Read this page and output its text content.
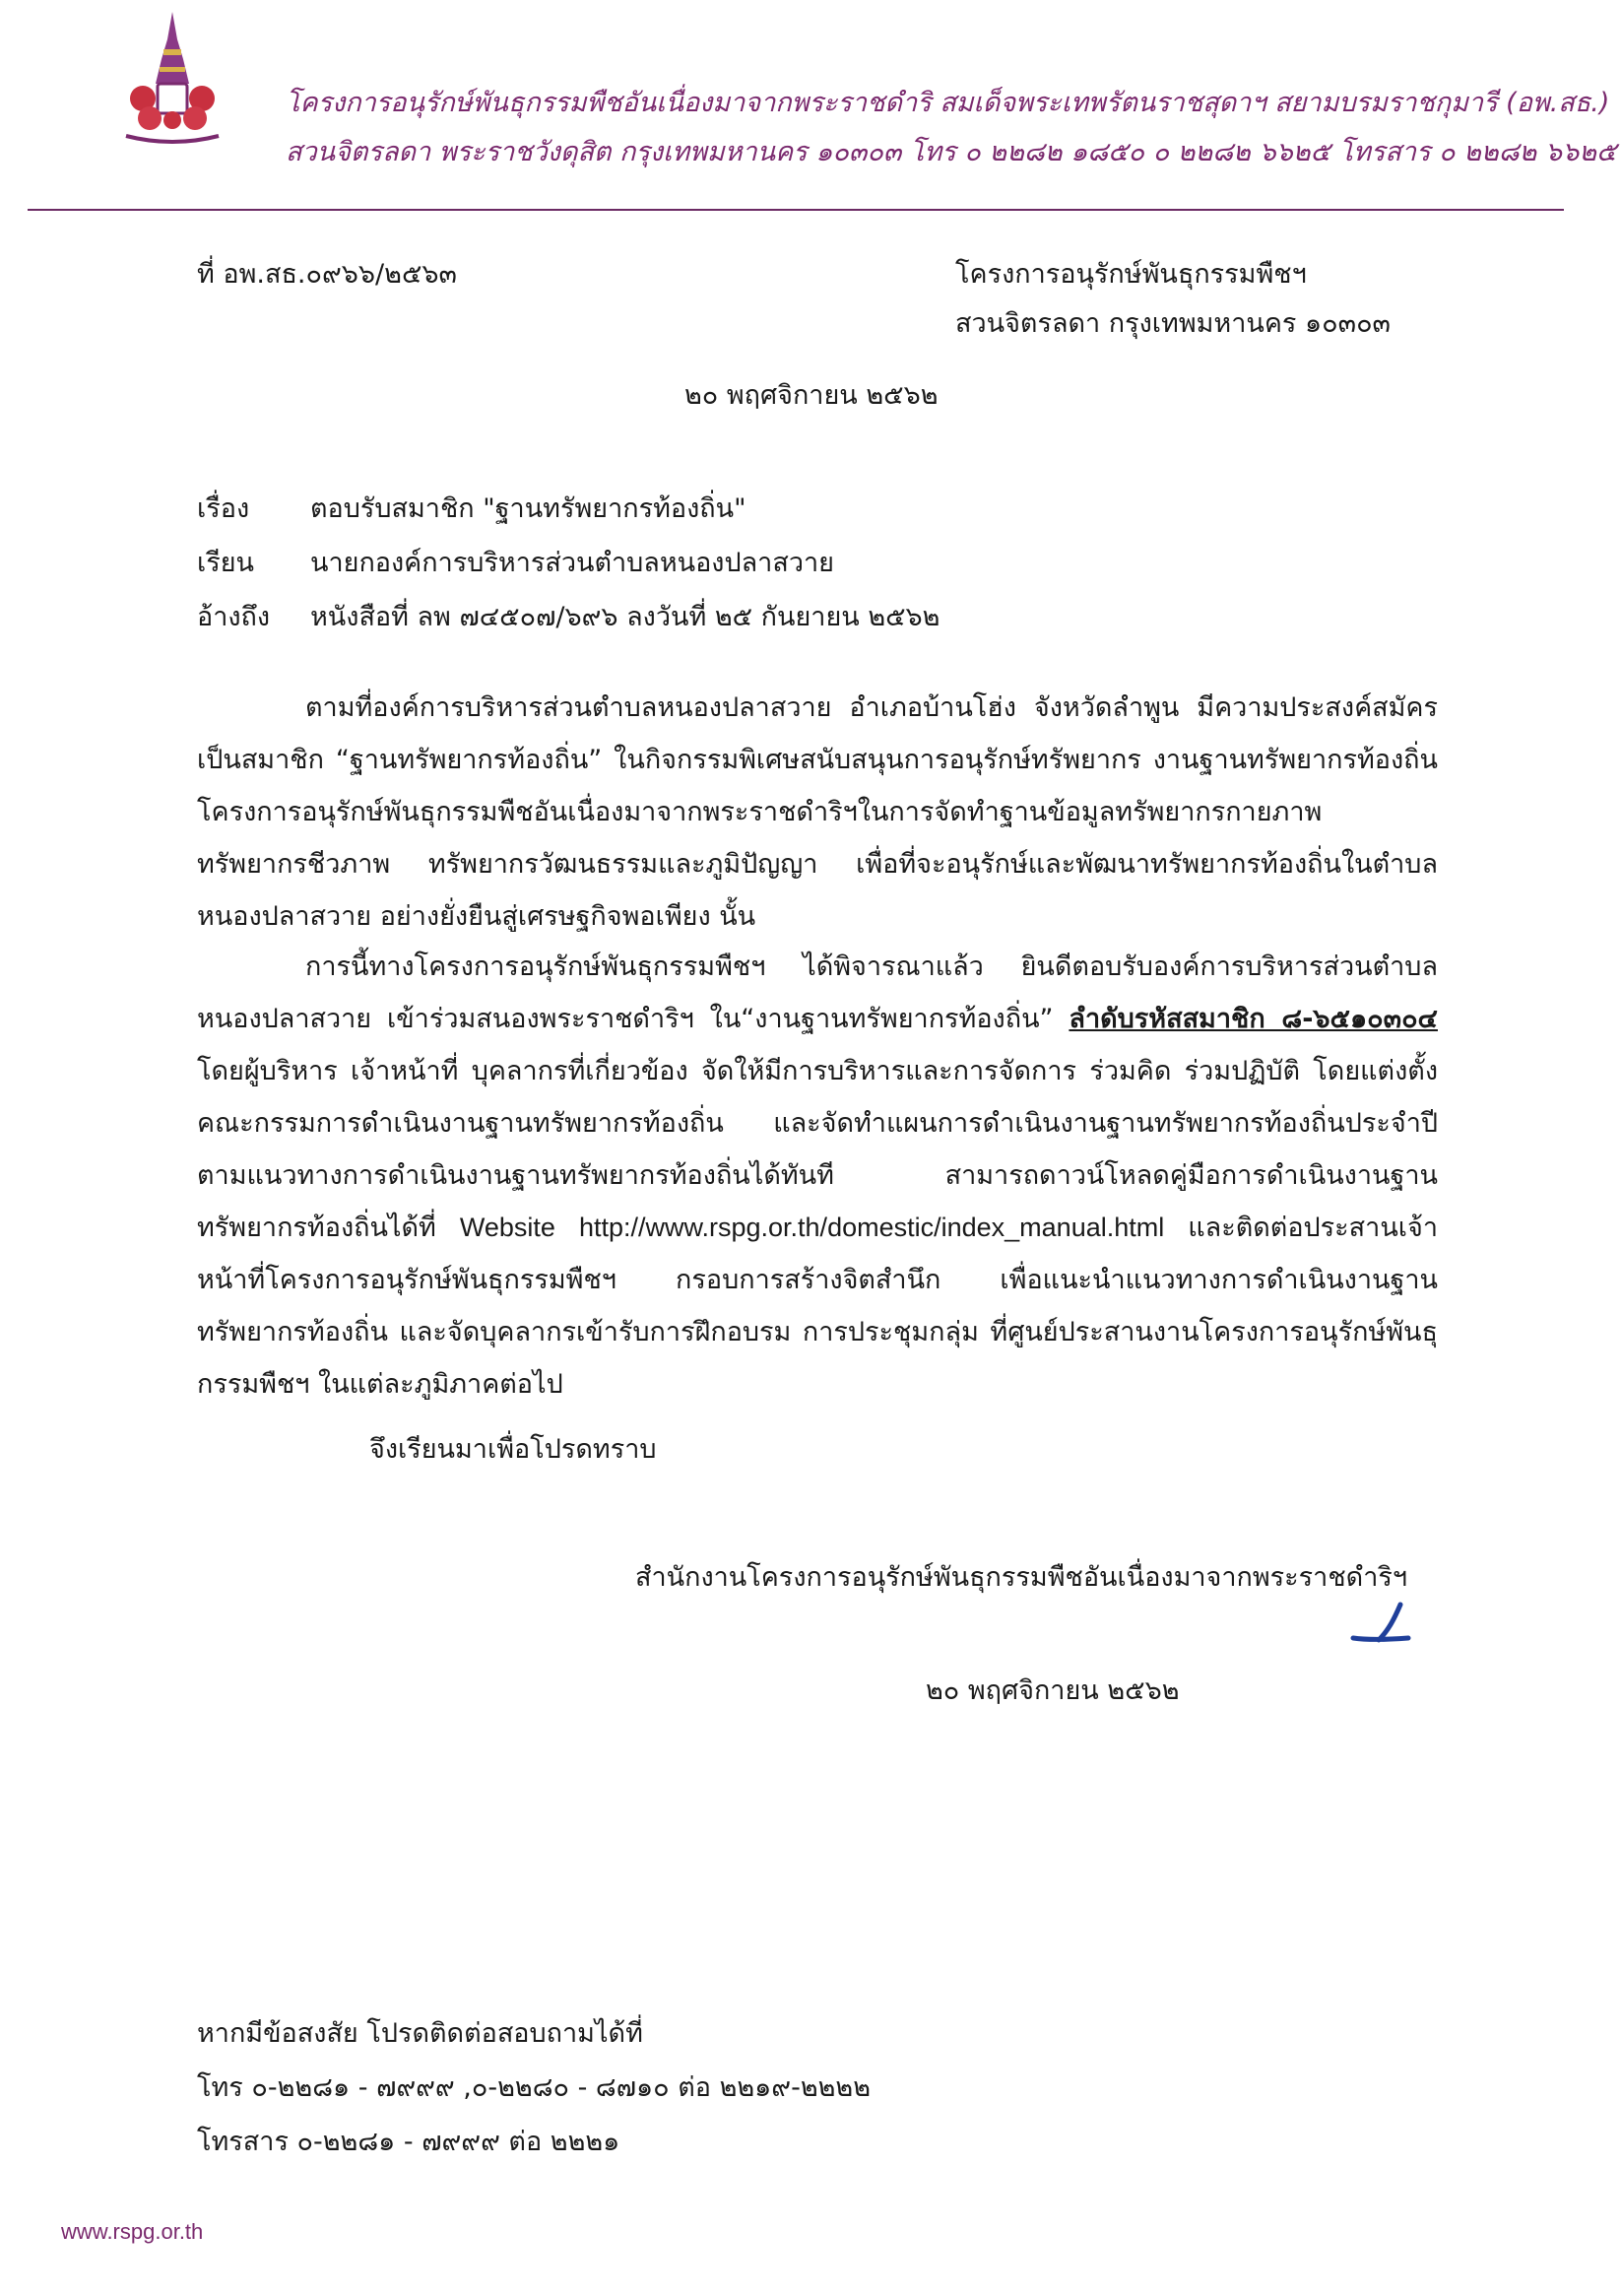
โครงการอนุรักษ์พันธุกรรมพืชอันเนื่องมาจากพระราชดำริ สมเด็จพระเทพรัตนราชสุดาฯ สยามบรมราชกุมารี (อพ.สธ.)
สวนจิตรลดา พระราชวังดุสิต กรุงเทพมหานคร ๑๐๓๐๓ โทร ๐ ๒๒๘๒ ๑๘๕๐ ๐ ๒๒๘๒ ๖๖๒๕ โทรสาร ๐ ๒๒๘๒ ๖๖๒๕
ที่ อพ.สธ.๐๙๖๖/๒๕๖๓	โครงการอนุรักษ์พันธุกรรมพืชฯ
สวนจิตรลดา กรุงเทพมหานคร ๑๐๓๐๓
๒๐ พฤศจิกายน ๒๕๖๒
เรื่อง ตอบรับสมาชิก "ฐานทรัพยากรท้องถิ่น"
เรียน นายกองค์การบริหารส่วนตำบลหนองปลาสวาย
อ้างถึง หนังสือที่ ลพ ๗๔๕๐๗/๖๙๖ ลงวันที่ ๒๕ กันยายน ๒๕๖๒
ตามที่องค์การบริหารส่วนตำบลหนองปลาสวาย อำเภอบ้านโฮ่ง จังหวัดลำพูน มีความประสงค์สมัครเป็นสมาชิก “ฐานทรัพยากรท้องถิ่น” ในกิจกรรมพิเศษสนับสนุนการอนุรักษ์ทรัพยากร งานฐานทรัพยากรท้องถิ่น โครงการอนุรักษ์พันธุกรรมพืชอันเนื่องมาจากพระราชดำริฯในการจัดทำฐานข้อมูลทรัพยากรกายภาพ ทรัพยากรชีวภาพ ทรัพยากรวัฒนธรรมและภูมิปัญญา เพื่อที่จะอนุรักษ์และพัฒนาทรัพยากรท้องถิ่นในตำบลหนองปลาสวาย อย่างยั่งยืนสู่เศรษฐกิจพอเพียง นั้น
การนี้ทางโครงการอนุรักษ์พันธุกรรมพืชฯ ได้พิจารณาแล้ว ยินดีตอบรับองค์การบริหารส่วนตำบลหนองปลาสวาย เข้าร่วมสนองพระราชดำริฯ ใน“งานฐานทรัพยากรท้องถิ่น” ลำดับรหัสสมาชิก ๘-๖๕๑๐๓๐๔ โดยผู้บริหาร เจ้าหน้าที่ บุคลากรที่เกี่ยวข้อง จัดให้มีการบริหารและการจัดการ ร่วมคิด ร่วมปฏิบัติ โดยแต่งตั้งคณะกรรมการดำเนินงานฐานทรัพยากรท้องถิ่น และจัดทำแผนการดำเนินงานฐานทรัพยากรท้องถิ่นประจำปี ตามแนวทางการดำเนินงานฐานทรัพยากรท้องถิ่นได้ทันที สามารถดาวน์โหลดคู่มือการดำเนินงานฐานทรัพยากรท้องถิ่นได้ที่ Website http://www.rspg.or.th/domestic/index_manual.html และติดต่อประสานเจ้าหน้าที่โครงการอนุรักษ์พันธุกรรมพืชฯ กรอบการสร้างจิตสำนึก เพื่อแนะนำแนวทางการดำเนินงานฐานทรัพยากรท้องถิ่น และจัดบุคลากรเข้ารับการฝึกอบรม การประชุมกลุ่ม ที่ศูนย์ประสานงานโครงการอนุรักษ์พันธุกรรมพืชฯ ในแต่ละภูมิภาคต่อไป
จึงเรียนมาเพื่อโปรดทราบ
สำนักงานโครงการอนุรักษ์พันธุกรรมพืชอันเนื่องมาจากพระราชดำริฯ
๒๐ พฤศจิกายน ๒๕๖๒
หากมีข้อสงสัย โปรดติดต่อสอบถามได้ที่
โทร ๐-๒๒๘๑ - ๗๙๙๙ ,๐-๒๒๘๐ - ๘๗๑๐ ต่อ ๒๒๑๙-๒๒๒๒
โทรสาร ๐-๒๒๘๑ - ๗๙๙๙ ต่อ ๒๒๒๑
www.rspg.or.th
